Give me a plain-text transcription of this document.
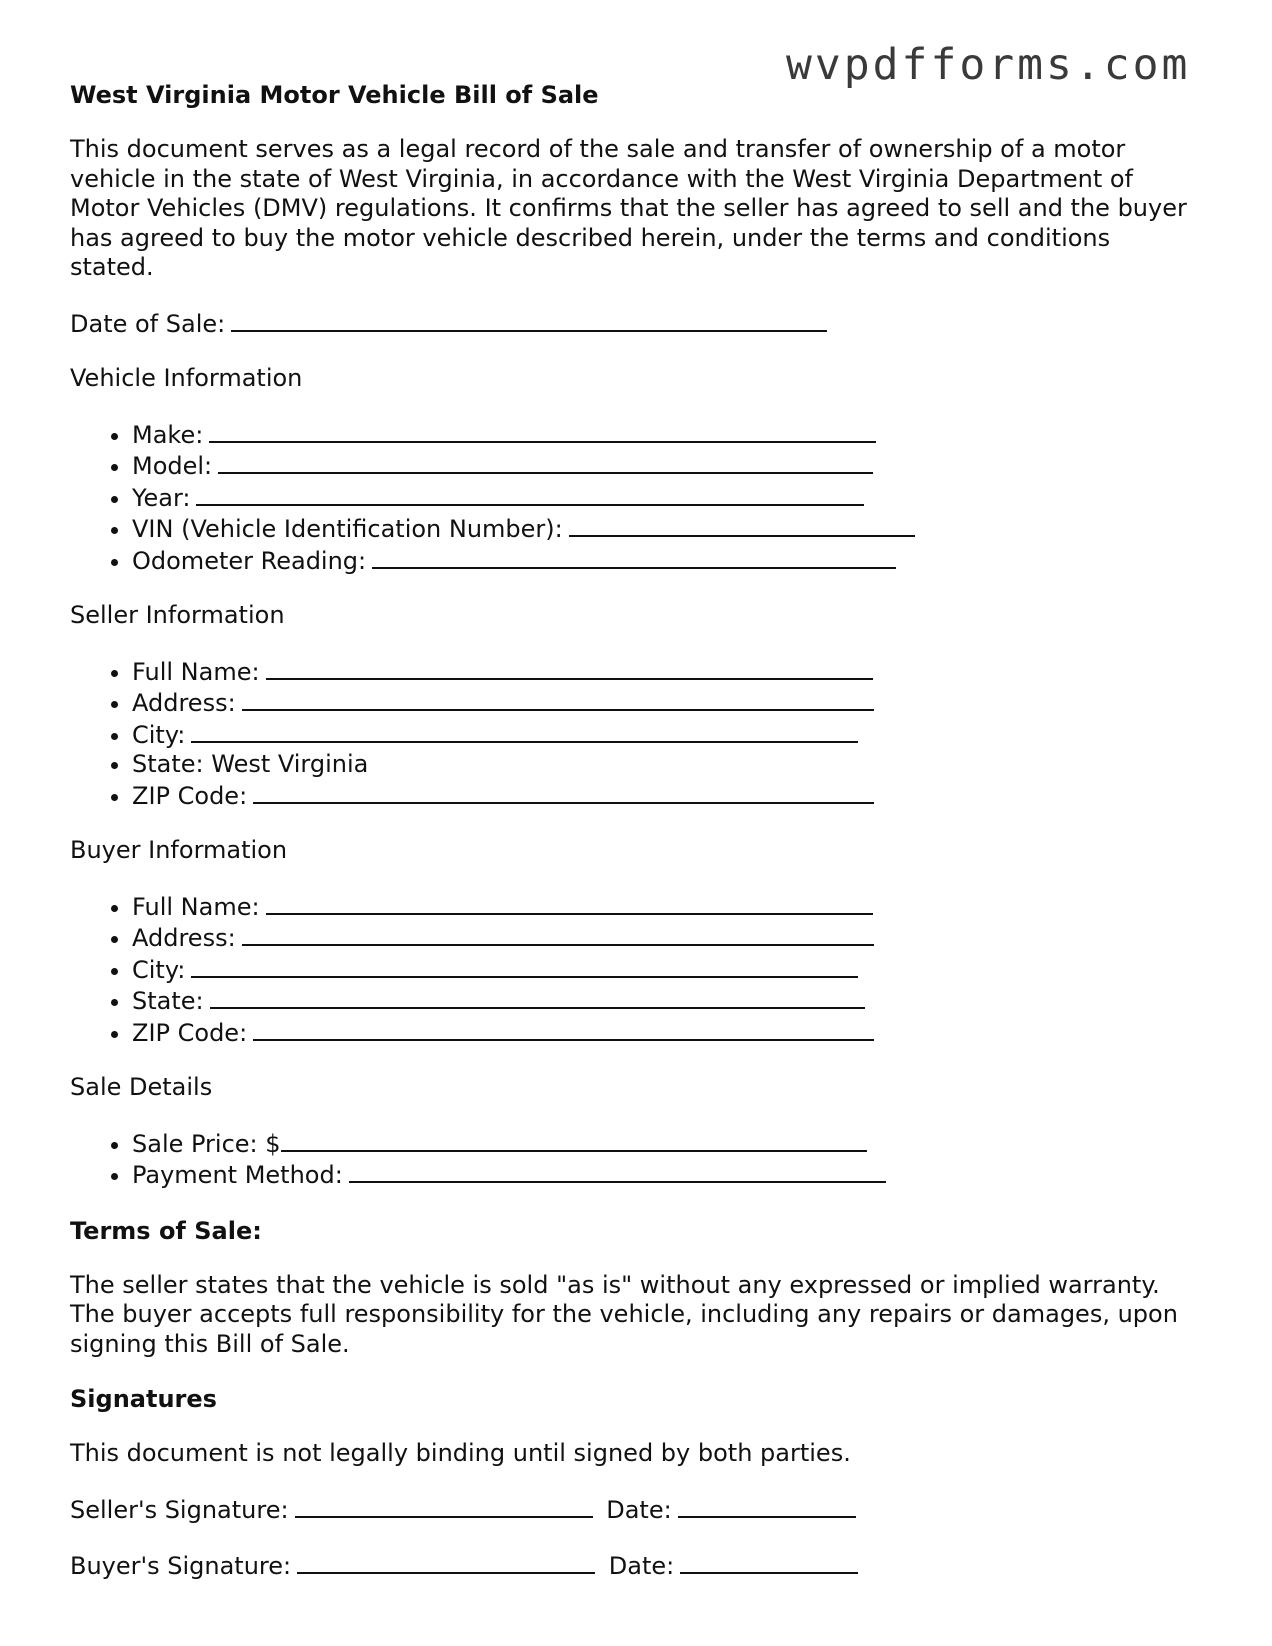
wvpdfforms.com
West Virginia Motor Vehicle Bill of Sale

This document serves as a legal record of the sale and transfer of ownership of a motor vehicle in the state of West Virginia, in accordance with the West Virginia Department of Motor Vehicles (DMV) regulations. It confirms that the seller has agreed to sell and the buyer has agreed to buy the motor vehicle described herein, under the terms and conditions stated.

Date of Sale:
Vehicle Information
• Make:
• Model:
• Year:
• VIN (Vehicle Identification Number):
• Odometer Reading:
Seller Information
• Full Name:
• Address:
• City:
• State: West Virginia
• ZIP Code:
Buyer Information
• Full Name:
• Address:
• City:
• State:
• ZIP Code:
Sale Details
• Sale Price: $
• Payment Method:
Terms of Sale:

The seller states that the vehicle is sold "as is" without any expressed or implied warranty. The buyer accepts full responsibility for the vehicle, including any repairs or damages, upon signing this Bill of Sale.

Signatures

This document is not legally binding until signed by both parties.

Seller's Signature:	Date:
Buyer's Signature:	Date:
